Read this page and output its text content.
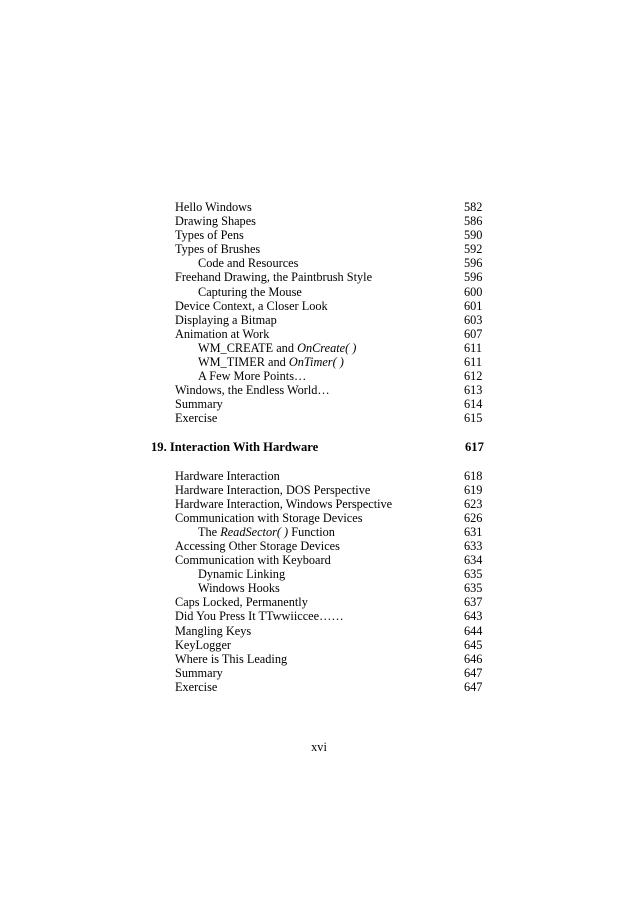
Hello Windows	582
Drawing Shapes	586
Types of Pens	590
Types of Brushes	592
Code and Resources	596
Freehand Drawing, the Paintbrush Style	596
Capturing the Mouse	600
Device Context, a Closer Look	601
Displaying a Bitmap	603
Animation at Work	607
WM_CREATE and OnCreate( )	611
WM_TIMER and OnTimer( )	611
A Few More Points…	612
Windows, the Endless World…	613
Summary	614
Exercise	615
19. Interaction With Hardware	617
Hardware Interaction	618
Hardware Interaction, DOS Perspective	619
Hardware Interaction, Windows Perspective	623
Communication with Storage Devices	626
The ReadSector( ) Function	631
Accessing Other Storage Devices	633
Communication with Keyboard	634
Dynamic Linking	635
Windows Hooks	635
Caps Locked, Permanently	637
Did You Press It TTwwiiccee……	643
Mangling Keys	644
KeyLogger	645
Where is This Leading	646
Summary	647
Exercise	647
xvi
